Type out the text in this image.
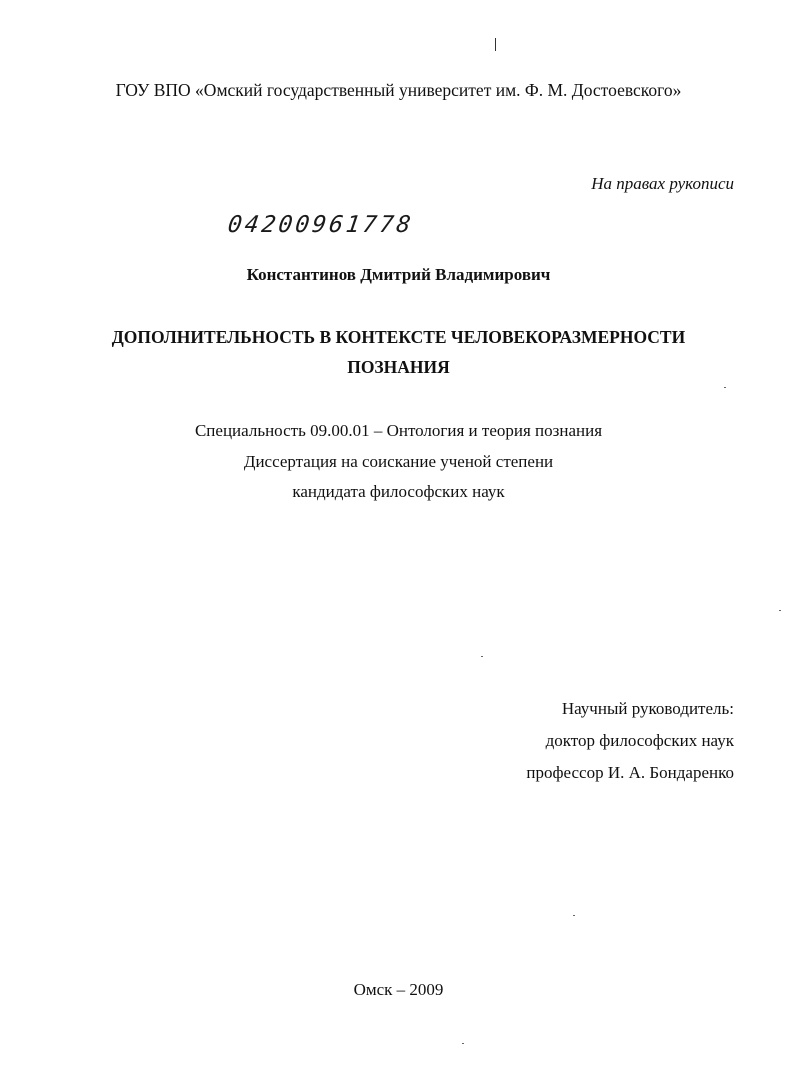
ГОУ ВПО «Омский государственный университет им. Ф. М. Достоевского»
На правах рукописи
04200961778
Константинов Дмитрий Владимирович
ДОПОЛНИТЕЛЬНОСТЬ В КОНТЕКСТЕ ЧЕЛОВЕКОРАЗМЕРНОСТИ
ПОЗНАНИЯ
Специальность 09.00.01 – Онтология и теория познания
Диссертация на соискание ученой степени
кандидата философских наук
Научный руководитель:
доктор философских наук
профессор И. А. Бондаренко
Омск – 2009
